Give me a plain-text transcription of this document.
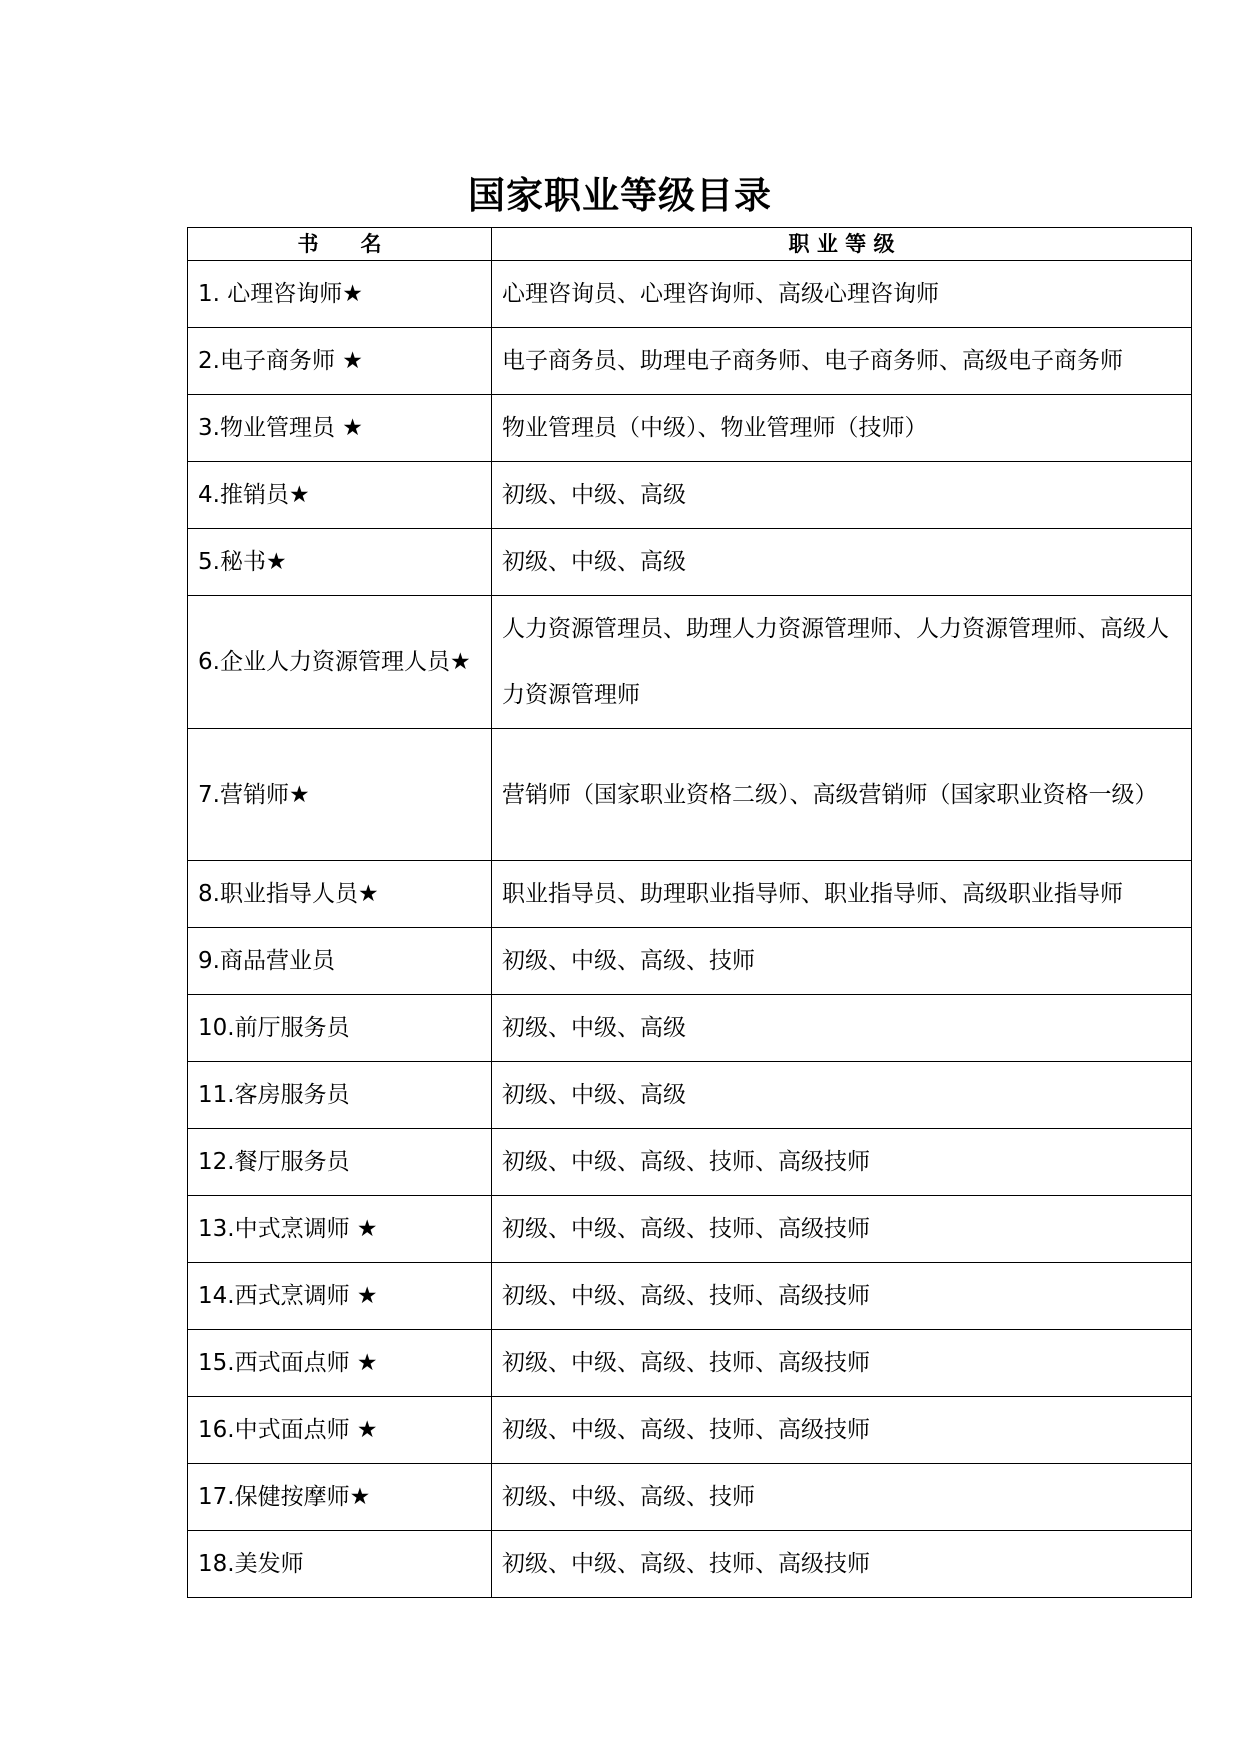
国家职业等级目录
书　　名	职 业 等 级
1. 心理咨询师★	心理咨询员、心理咨询师、高级心理咨询师
2.电子商务师 ★	电子商务员、助理电子商务师、电子商务师、高级电子商务师
3.物业管理员 ★	物业管理员（中级）、物业管理师（技师）
4.推销员★	初级、中级、高级
5.秘书★	初级、中级、高级
6.企业人力资源管理人员★	人力资源管理员、助理人力资源管理师、人力资源管理师、高级人力资源管理师
7.营销师★	营销师（国家职业资格二级）、高级营销师（国家职业资格一级）
8.职业指导人员★	职业指导员、助理职业指导师、职业指导师、高级职业指导师
9.商品营业员	初级、中级、高级、技师
10.前厅服务员	初级、中级、高级
11.客房服务员	初级、中级、高级
12.餐厅服务员	初级、中级、高级、技师、高级技师
13.中式烹调师 ★	初级、中级、高级、技师、高级技师
14.西式烹调师 ★	初级、中级、高级、技师、高级技师
15.西式面点师 ★	初级、中级、高级、技师、高级技师
16.中式面点师 ★	初级、中级、高级、技师、高级技师
17.保健按摩师★	初级、中级、高级、技师
18.美发师	初级、中级、高级、技师、高级技师
